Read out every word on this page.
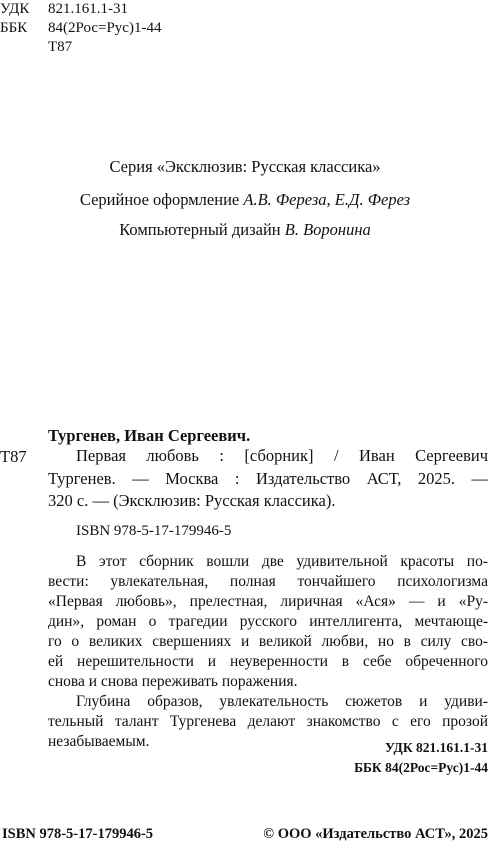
УДК 821.161.1-31
ББК 84(2Рос=Рус)1-44
Т87
Серия «Эксклюзив: Русская классика»
Серийное оформление А.В. Фереза, Е.Д. Ферез
Компьютерный дизайн В. Воронина
Тургенев, Иван Сергеевич.
Т87	Первая любовь : [сборник] / Иван Сергеевич
Тургенев. — Москва : Издательство АСТ, 2025. —
320 с. — (Эксклюзив: Русская классика).
ISBN 978-5-17-179946-5
В этот сборник вошли две удивительной красоты по-
вести: увлекательная, полная тончайшего психологизма
«Первая любовь», прелестная, лиричная «Ася» — и «Ру-
дин», роман о трагедии русского интеллигента, мечтающе-
го о великих свершениях и великой любви, но в силу сво-
ей нерешительности и неуверенности в себе обреченного
снова и снова переживать поражения.
Глубина образов, увлекательность сюжетов и удиви-
тельный талант Тургенева делают знакомство с его прозой
незабываемым.	УДК 821.161.1-31
ББК 84(2Рос=Рус)1-44
ISBN 978-5-17-179946-5	© ООО «Издательство АСТ», 2025
